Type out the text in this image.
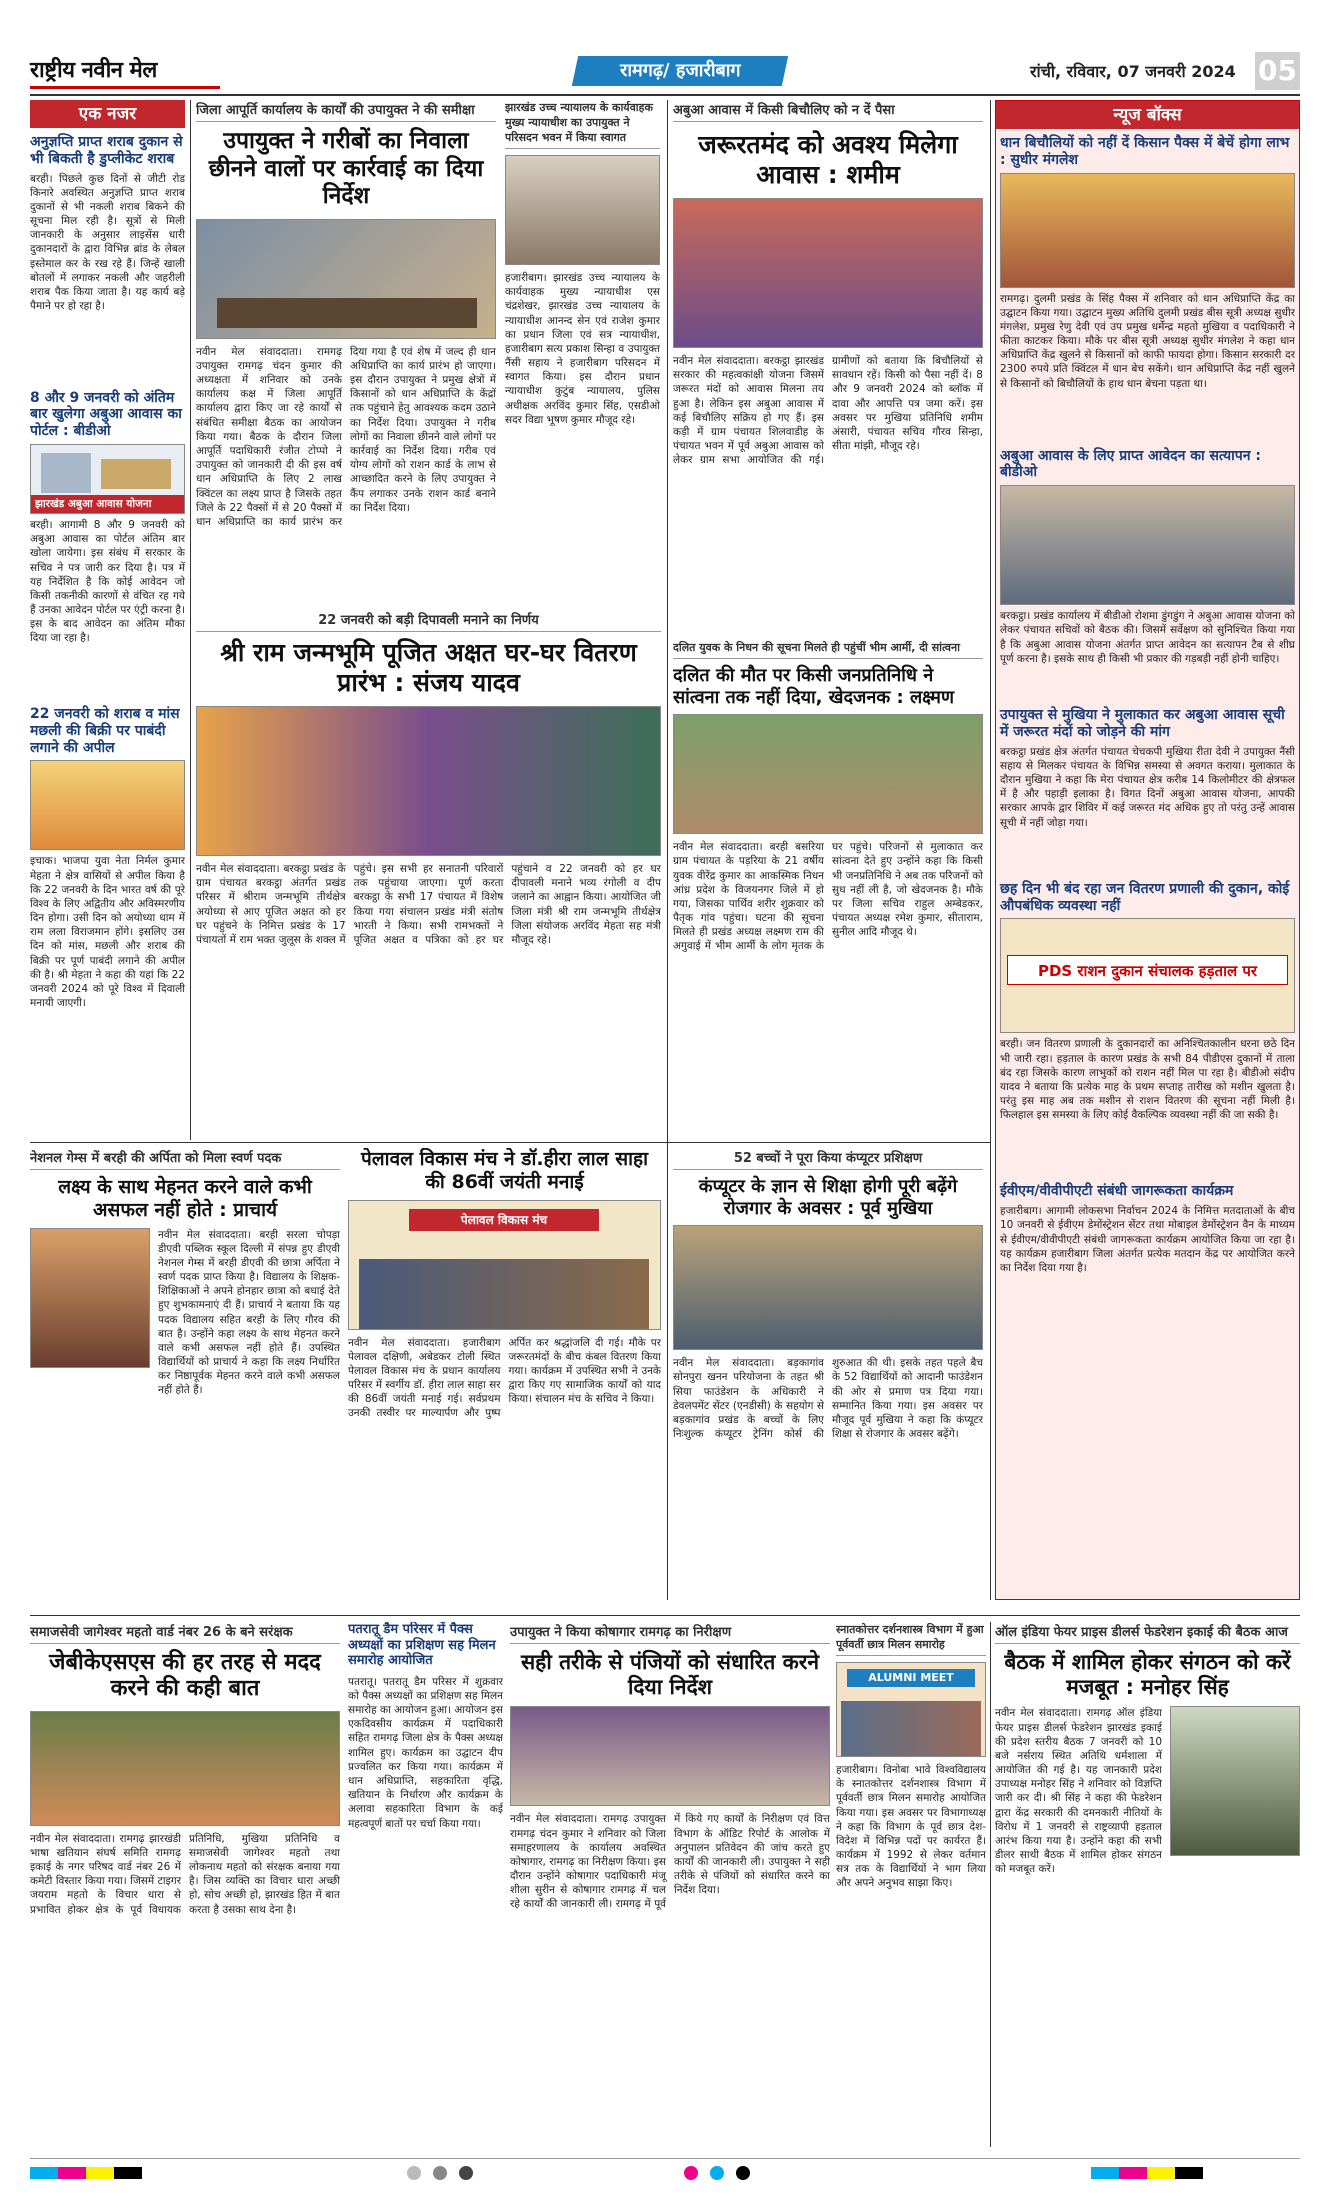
राष्ट्रीय नवीन मेल	रामगढ़/ हजारीबाग	रांची, रविवार, 07 जनवरी 2024 05
एक नजर
अनुज्ञप्ति प्राप्त शराब दुकान से भी बिकती है डुप्लीकेट शराब
बरही। पिछले कुछ दिनों से जीटी रोड किनारे अवस्थित अनुज्ञप्ति प्राप्त शराब दुकानों से भी नकली शराब बिकने की सूचना मिल रही है। सूत्रों से मिली जानकारी के अनुसार लाइसेंस धारी दुकानदारों के द्वारा विभिन्न ब्रांड के लेबल इस्तेमाल कर के रख रहे हैं। जिन्हें खाली बोतलों में लगाकर नकली और जहरीली शराब पैक किया जाता है। यह कार्य बड़े पैमाने पर हो रहा है।
8 और 9 जनवरी को अंतिम बार खुलेगा अबुआ आवास का पोर्टल : बीडीओ
झारखंड अबुआ आवास योजना
बरही। आगामी 8 और 9 जनवरी को अबुआ आवास का पोर्टल अंतिम बार खोला जायेगा। इस संबंध में सरकार के सचिव ने पत्र जारी कर दिया है। पत्र में यह निर्देशित है कि कोई आवेदन जो किसी तकनीकी कारणों से वंचित रह गये हैं उनका आवेदन पोर्टल पर एंट्री करना है। इस के बाद आवेदन का अंतिम मौका दिया जा रहा है।
22 जनवरी को शराब व मांस मछली की बिक्री पर पाबंदी लगाने की अपील
इचाक। भाजपा युवा नेता निर्मल कुमार मेहता ने क्षेत्र वासियों से अपील किया है कि 22 जनवरी के दिन भारत वर्ष की पूरे विश्व के लिए अद्वितीय और अविस्मरणीय दिन होगा। उसी दिन को अयोध्या धाम में राम लला विराजमान होंगे। इसलिए उस दिन को मांस, मछली और शराब की बिक्री पर पूर्ण पाबंदी लगाने की अपील की है। श्री मेहता ने कहा की यहां कि 22 जनवरी 2024 को पूरे विश्व में दिवाली मनायी जाएगी।
जिला आपूर्ति कार्यालय के कार्यों की उपायुक्त ने की समीक्षा
उपायुक्त ने गरीबों का निवाला छीनने वालों पर कार्रवाई का दिया निर्देश
नवीन मेल संवाददाता। रामगढ़ उपायुक्त रामगढ़ चंदन कुमार की अध्यक्षता में शनिवार को उनके कार्यालय कक्ष में जिला आपूर्ति कार्यालय द्वारा किए जा रहे कार्यों से संबंधित समीक्षा बैठक का आयोजन किया गया। बैठक के दौरान जिला आपूर्ति पदाधिकारी रंजीत टोप्पो ने उपायुक्त को जानकारी दी की इस वर्ष धान अधिप्राप्ति के लिए 2 लाख क्विंटल का लक्ष्य प्राप्त है जिसके तहत जिले के 22 पैक्सों में से 20 पैक्सों में धान अधिप्राप्ति का कार्य प्रारंभ कर दिया गया है एवं शेष में जल्द ही धान अधिप्राप्ति का कार्य प्रारंभ हो जाएगा। इस दौरान उपायुक्त ने प्रमुख क्षेत्रों में किसानों को धान अधिप्राप्ति के केंद्रों तक पहुंचाने हेतु आवश्यक कदम उठाने का निर्देश दिया। उपायुक्त ने गरीब लोगों का निवाला छीनने वाले लोगों पर कार्रवाई का निर्देश दिया। गरीब एवं योग्य लोगों को राशन कार्ड के लाभ से आच्छादित करने के लिए उपायुक्त ने कैंप लगाकर उनके राशन कार्ड बनाने का निर्देश दिया।
झारखंड उच्च न्यायालय के कार्यवाहक मुख्य न्यायाधीश का उपायुक्त ने परिसदन भवन में किया स्वागत
हजारीबाग। झारखंड उच्च न्यायालय के कार्यवाहक मुख्य न्यायाधीश एस चंद्रशेखर, झारखंड उच्च न्यायालय के न्यायाधीश आनन्द सेन एवं राजेश कुमार का प्रधान जिला एवं सत्र न्यायाधीश, हजारीबाग सत्य प्रकाश सिन्हा व उपायुक्त नैंसी सहाय ने हजारीबाग परिसदन में स्वागत किया। इस दौरान प्रधान न्यायाधीश कुटुंब न्यायालय, पुलिस अधीक्षक अरविंद कुमार सिंह, एसडीओ सदर विद्या भूषण कुमार मौजूद रहे।
अबुआ आवास में किसी बिचौलिए को न दें पैसा
जरूरतमंद को अवश्य मिलेगा आवास : शमीम
नवीन मेल संवाददाता। बरकट्ठा झारखंड सरकार की महत्वकांक्षी योजना जिसमें जरूरत मंदों को आवास मिलना तय हुआ है। लेकिन इस अबुआ आवास में कई बिचौलिए सक्रिय हो गए हैं। इस कड़ी में ग्राम पंचायत शिलवाडीह के पंचायत भवन में पूर्व अबुआ आवास को लेकर ग्राम सभा आयोजित की गई। ग्रामीणों को बताया कि बिचौलियों से सावधान रहें। किसी को पैसा नहीं दें। 8 और 9 जनवरी 2024 को ब्लॉक में दावा और आपत्ति पत्र जमा करें। इस अवसर पर मुखिया प्रतिनिधि शमीम अंसारी, पंचायत सचिव गौरव सिन्हा, सीता मांझी, मौजूद रहे।
न्यूज बॉक्स
धान बिचौलियों को नहीं दें किसान पैक्स में बेचें होगा लाभ : सुधीर मंगलेश
रामगढ़। दुलमी प्रखंड के सिंह पैक्स में शनिवार को धान अधिप्राप्ति केंद्र का उद्घाटन किया गया। उद्घाटन मुख्य अतिथि दुलमी प्रखंड बीस सूत्री अध्यक्ष सुधीर मंगलेश, प्रमुख रेणु देवी एवं उप प्रमुख धर्मेन्द्र महतो मुखिया व पदाधिकारी ने फीता काटकर किया। मौके पर बीस सूत्री अध्यक्ष सुधीर मंगलेश ने कहा धान अधिप्राप्ति केंद्र खुलने से किसानों को काफी फायदा होगा। किसान सरकारी दर 2300 रुपये प्रति क्विंटल में धान बेच सकेंगे। धान अधिप्राप्ति केंद्र नहीं खुलने से किसानों को बिचौलियों के हाथ धान बेचना पड़ता था।
अबुआ आवास के लिए प्राप्त आवेदन का सत्यापन : बीडीओ
बरकट्ठा। प्रखंड कार्यालय में बीडीओ रोशमा डुंगडुंग ने अबुआ आवास योजना को लेकर पंचायत सचिवों को बैठक की। जिसमें सर्वेक्षण को सुनिश्चित किया गया है कि अबुआ आवास योजना अंतर्गत प्राप्त आवेदन का सत्यापन टैब से शीघ्र पूर्ण करना है। इसके साथ ही किसी भी प्रकार की गड़बड़ी नहीं होनी चाहिए।
उपायुक्त से मुखिया ने मुलाकात कर अबुआ आवास सूची में जरूरत मंदों को जोड़ने की मांग
बरकट्ठा प्रखंड क्षेत्र अंतर्गत पंचायत चेचकपी मुखिया रीता देवी ने उपायुक्त नैंसी सहाय से मिलकर पंचायत के विभिन्न समस्या से अवगत कराया। मुलाकात के दौरान मुखिया ने कहा कि मेरा पंचायत क्षेत्र करीब 14 किलोमीटर की क्षेत्रफल में है और पहाड़ी इलाका है। विगत दिनों अबुआ आवास योजना, आपकी सरकार आपके द्वार शिविर में कई जरूरत मंद अधिक हुए तो परंतु उन्हें आवास सूची में नहीं जोड़ा गया।
छह दिन भी बंद रहा जन वितरण प्रणाली की दुकान, कोई औपबंधिक व्यवस्था नहीं
PDS राशन दुकान संचालक हड़ताल पर
बरही। जन वितरण प्रणाली के दुकानदारों का अनिश्चितकालीन धरना छठे दिन भी जारी रहा। हड़ताल के कारण प्रखंड के सभी 84 पीडीएस दुकानों में ताला बंद रहा जिसके कारण लाभुकों को राशन नहीं मिल पा रहा है। बीडीओ संदीप यादव ने बताया कि प्रत्येक माह के प्रथम सप्ताह तारीख को मशीन खुलता है। परंतु इस माह अब तक मशीन से राशन वितरण की सूचना नहीं मिली है। फिलहाल इस समस्या के लिए कोई वैकल्पिक व्यवस्था नहीं की जा सकी है।
ईवीएम/वीवीपीएटी संबंधी जागरूकता कार्यक्रम
हजारीबाग। आगामी लोकसभा निर्वाचन 2024 के निमित्त मतदाताओं के बीच 10 जनवरी से ईवीएम डेमोंस्ट्रेशन सेंटर तथा मोबाइल डेमोंस्ट्रेशन वैन के माध्यम से ईवीएम/वीवीपीएटी संबंधी जागरूकता कार्यक्रम आयोजित किया जा रहा है। यह कार्यक्रम हजारीबाग जिला अंतर्गत प्रत्येक मतदान केंद्र पर आयोजित करने का निर्देश दिया गया है।
22 जनवरी को बड़ी दिपावली मनाने का निर्णय
श्री राम जन्मभूमि पूजित अक्षत घर-घर वितरण प्रारंभ : संजय यादव
नवीन मेल संवाददाता। बरकट्ठा प्रखंड के ग्राम पंचायत बरकट्ठा अंतर्गत प्रखंड परिसर में श्रीराम जन्मभूमि तीर्थक्षेत्र अयोध्या से आए पूजित अक्षत को हर घर पहुंचने के निमित्त प्रखंड के 17 पंचायतों में राम भक्त जुलूस के शक्ल में पहुंचे। इस सभी हर सनातनी परिवारों तक पहुंचाया जाएगा। पूर्ण करता बरकट्ठा के सभी 17 पंचायत में विशेष किया गया संचालन प्रखंड मंत्री संतोष भारती ने किया। सभी रामभक्तों ने पूजित अक्षत व पत्रिका को हर घर पहुंचाने व 22 जनवरी को हर घर दीपावली मनाने भव्य रंगोली व दीप जलाने का आह्वान किया। आयोजित जी जिला मंत्री श्री राम जन्मभूमि तीर्थक्षेत्र जिला संयोजक अरविंद मेहता सह मंत्री मौजूद रहे।
दलित युवक के निधन की सूचना मिलते ही पहुंचीं भीम आर्मी, दी सांत्वना
दलित की मौत पर किसी जनप्रतिनिधि ने सांत्वना तक नहीं दिया, खेदजनक : लक्ष्मण
नवीन मेल संवाददाता। बरही बसरिया ग्राम पंचायत के पड़रिया के 21 वर्षीय युवक वीरेंद्र कुमार का आकस्मिक निधन आंध्र प्रदेश के विजयनगर जिले में हो गया, जिसका पार्थिव शरीर शुक्रवार को पैतृक गांव पहुंचा। घटना की सूचना मिलते ही प्रखंड अध्यक्ष लक्ष्मण राम की अगुवाई में भीम आर्मी के लोग मृतक के घर पहुंचे। परिजनों से मुलाकात कर सांत्वना देते हुए उन्होंने कहा कि किसी भी जनप्रतिनिधि ने अब तक परिजनों को सुध नहीं ली है, जो खेदजनक है। मौके पर जिला सचिव राहुल अम्बेडकर, पंचायत अध्यक्ष रमेश कुमार, सीताराम, सुनील आदि मौजूद थे।
नेशनल गेम्स में बरही की अर्पिता को मिला स्वर्ण पदक
लक्ष्य के साथ मेहनत करने वाले कभी असफल नहीं होते : प्राचार्य
नवीन मेल संवाददाता। बरही सरला चोपड़ा डीएवी पब्लिक स्कूल दिल्ली में संपन्न हुए डीएवी नेशनल गेम्स में बरही डीएवी की छात्रा अर्पिता ने स्वर्ण पदक प्राप्त किया है। विद्यालय के शिक्षक-शिक्षिकाओं ने अपने होनहार छात्रा को बधाई देते हुए शुभकामनाएं दी हैं। प्राचार्य ने बताया कि यह पदक विद्यालय सहित बरही के लिए गौरव की बात है। उन्होंने कहा लक्ष्य के साथ मेहनत करने वाले कभी असफल नहीं होते हैं। उपस्थित विद्यार्थियों को प्राचार्य ने कहा कि लक्ष्य निर्धारित कर निष्ठापूर्वक मेहनत करने वाले कभी असफल नहीं होते हैं।
पेलावल विकास मंच ने डॉ.हीरा लाल साहा की 86वीं जयंती मनाई
पेलावल विकास मंच
नवीन मेल संवाददाता। हजारीबाग पेलावल दक्षिणी, अबेडकर टोली स्थित पेलावल विकास मंच के प्रधान कार्यालय परिसर में स्वर्गीय डॉ. हीरा लाल साहा सर की 86वीं जयंती मनाई गई। सर्वप्रथम उनकी तस्वीर पर माल्यार्पण और पुष्प अर्पित कर श्रद्धांजलि दी गई। मौके पर जरूरतमंदों के बीच कंबल वितरण किया गया। कार्यक्रम में उपस्थित सभी ने उनके द्वारा किए गए सामाजिक कार्यों को याद किया। संचालन मंच के सचिव ने किया।
52 बच्चों ने पूरा किया कंप्यूटर प्रशिक्षण
कंप्यूटर के ज्ञान से शिक्षा होगी पूरी बढ़ेंगे रोजगार के अवसर : पूर्व मुखिया
नवीन मेल संवाददाता। बड़कागांव सोनपुरा खनन परियोजना के तहत श्री सिया फाउंडेशन के अधिकारी ने डेवलपमेंट सेंटर (एनडीसी) के सहयोग से बड़कागांव प्रखंड के बच्चों के लिए निःशुल्क कंप्यूटर ट्रेनिंग कोर्स की शुरुआत की थी। इसके तहत पहले बैच के 52 विद्यार्थियों को आदानी फाउंडेशन की ओर से प्रमाण पत्र दिया गया। सम्मानित किया गया। इस अवसर पर मौजूद पूर्व मुखिया ने कहा कि कंप्यूटर शिक्षा से रोजगार के अवसर बढ़ेंगे।
समाजसेवी जागेश्वर महतो वार्ड नंबर 26 के बने सरंक्षक
जेबीकेएसएस की हर तरह से मदद करने की कही बात
नवीन मेल संवाददाता। रामगढ़ झारखंडी भाषा खतियान संघर्ष समिति रामगढ़ इकाई के नगर परिषद वार्ड नंबर 26 में कमेटी विस्तार किया गया। जिसमें टाइगर जयराम महतो के विचार धारा से प्रभावित होकर क्षेत्र के पूर्व विधायक प्रतिनिधि, मुखिया प्रतिनिधि व समाजसेवी जागेश्वर महतो तथा लोकनाथ महतो को संरक्षक बनाया गया है। जिस व्यक्ति का विचार धारा अच्छी हो, सोच अच्छी हो, झारखंड हित में बात करता है उसका साथ देना है।
पतरातू डैम परिसर में पैक्स अध्यक्षों का प्रशिक्षण सह मिलन समारोह आयोजित
पतरातू। पतरातू डैम परिसर में शुक्रवार को पैक्स अध्यक्षों का प्रशिक्षण सह मिलन समारोह का आयोजन हुआ। आयोजन इस एकदिवसीय कार्यक्रम में पदाधिकारी सहित रामगढ़ जिला क्षेत्र के पैक्स अध्यक्ष शामिल हुए। कार्यक्रम का उद्घाटन दीप प्रज्वलित कर किया गया। कार्यक्रम में धान अधिप्राप्ति, सहकारिता वृद्धि, खतियान के निर्धारण और कार्यक्रम के अलावा सहकारिता विभाग के कई महत्वपूर्ण बातों पर चर्चा किया गया।
उपायुक्त ने किया कोषागार रामगढ़ का निरीक्षण
सही तरीके से पंजियों को संधारित करने दिया निर्देश
नवीन मेल संवाददाता। रामगढ़ उपायुक्त रामगढ़ चंदन कुमार ने शनिवार को जिला समाहरणालय के कार्यालय अवस्थित कोषागार, रामगढ़ का निरीक्षण किया। इस दौरान उन्होंने कोषागार पदाधिकारी मंजू शीला सुरीन से कोषागार रामगढ़ में चल रहे कार्यों की जानकारी ली। रामगढ़ में पूर्व में किये गए कार्यों के निरीक्षण एवं वित्त विभाग के ऑडिट रिपोर्ट के आलोक में अनुपालन प्रतिवेदन की जांच करते हुए कार्यों की जानकारी ली। उपायुक्त ने सही तरीके से पंजियों को संधारित करने का निर्देश दिया।
स्नातकोत्तर दर्शनशास्त्र विभाग में हुआ पूर्ववर्ती छात्र मिलन समारोह
ALUMNI MEET
हजारीबाग। विनोबा भावे विश्वविद्यालय के स्नातकोत्तर दर्शनशास्त्र विभाग में पूर्ववर्ती छात्र मिलन समारोह आयोजित किया गया। इस अवसर पर विभागाध्यक्ष ने कहा कि विभाग के पूर्व छात्र देश-विदेश में विभिन्न पदों पर कार्यरत हैं। कार्यक्रम में 1992 से लेकर वर्तमान सत्र तक के विद्यार्थियों ने भाग लिया और अपने अनुभव साझा किए।
ऑल इंडिया फेयर प्राइस डीलर्स फेडरेशन इकाई की बैठक आज
बैठक में शामिल होकर संगठन को करें मजबूत : मनोहर सिंह
नवीन मेल संवाददाता। रामगढ़ ऑल इंडिया फेयर प्राइस डीलर्स फेडरेशन झारखंड इकाई की प्रदेश स्तरीय बैठक 7 जनवरी को 10 बजे नर्सराय स्थित अतिथि धर्मशाला में आयोजित की गई है। यह जानकारी प्रदेश उपाध्यक्ष मनोहर सिंह ने शनिवार को विज्ञप्ति जारी कर दी। श्री सिंह ने कहा की फेडरेशन द्वारा केंद्र सरकारी की दमनकारी नीतियों के विरोध में 1 जनवरी से राष्ट्रव्यापी हड़ताल आरंभ किया गया है। उन्होंने कहा की सभी डीलर साथी बैठक में शामिल होकर संगठन को मजबूत करें।
